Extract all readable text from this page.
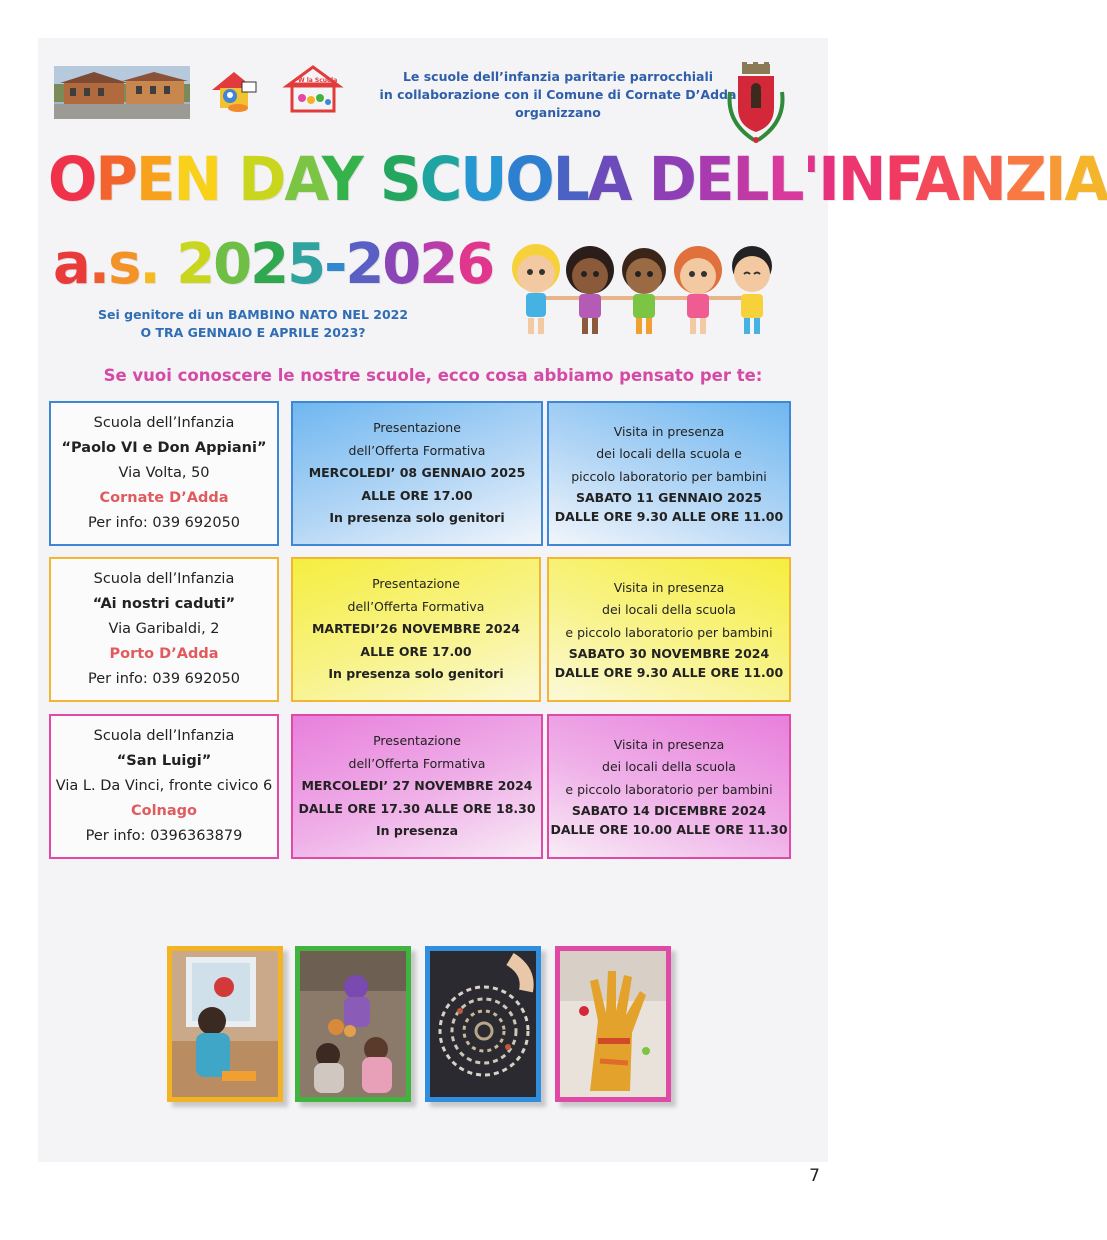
W la Scuola	Le scuole dell’infanzia paritarie parrocchiali
in collaborazione con il Comune di Cornate D’Adda
organizzano
OPEN DAY SCUOLA DELL'INFANZIA
a.s. 2025-2026
Sei genitore di un BAMBINO NATO NEL 2022
O TRA GENNAIO E APRILE 2023?
Se vuoi conoscere le nostre scuole, ecco cosa abbiamo pensato per te:
Scuola dell’Infanzia
“Paolo VI e Don Appiani”
Via Volta, 50
Cornate D’Adda
Per info: 039 692050
Presentazione
dell’Offerta Formativa
MERCOLEDI’ 08 GENNAIO 2025
ALLE ORE 17.00
In presenza solo genitori
Visita in presenza
dei locali della scuola e
piccolo laboratorio per bambini
SABATO 11 GENNAIO 2025
DALLE ORE 9.30 ALLE ORE 11.00
Scuola dell’Infanzia
“Ai nostri caduti”
Via Garibaldi, 2
Porto D’Adda
Per info: 039 692050
Presentazione
dell’Offerta Formativa
MARTEDI’26 NOVEMBRE 2024
ALLE ORE 17.00
In presenza solo genitori
Visita in presenza
dei locali della scuola
e piccolo laboratorio per bambini
SABATO 30 NOVEMBRE 2024
DALLE ORE 9.30 ALLE ORE 11.00
Scuola dell’Infanzia
“San Luigi”
Via L. Da Vinci, fronte civico 6
Colnago
Per info: 0396363879
Presentazione
dell’Offerta Formativa
MERCOLEDI’ 27 NOVEMBRE 2024
DALLE ORE 17.30 ALLE ORE 18.30
In presenza
Visita in presenza
dei locali della scuola
e piccolo laboratorio per bambini
SABATO 14 DICEMBRE 2024
DALLE ORE 10.00 ALLE ORE 11.30
7
